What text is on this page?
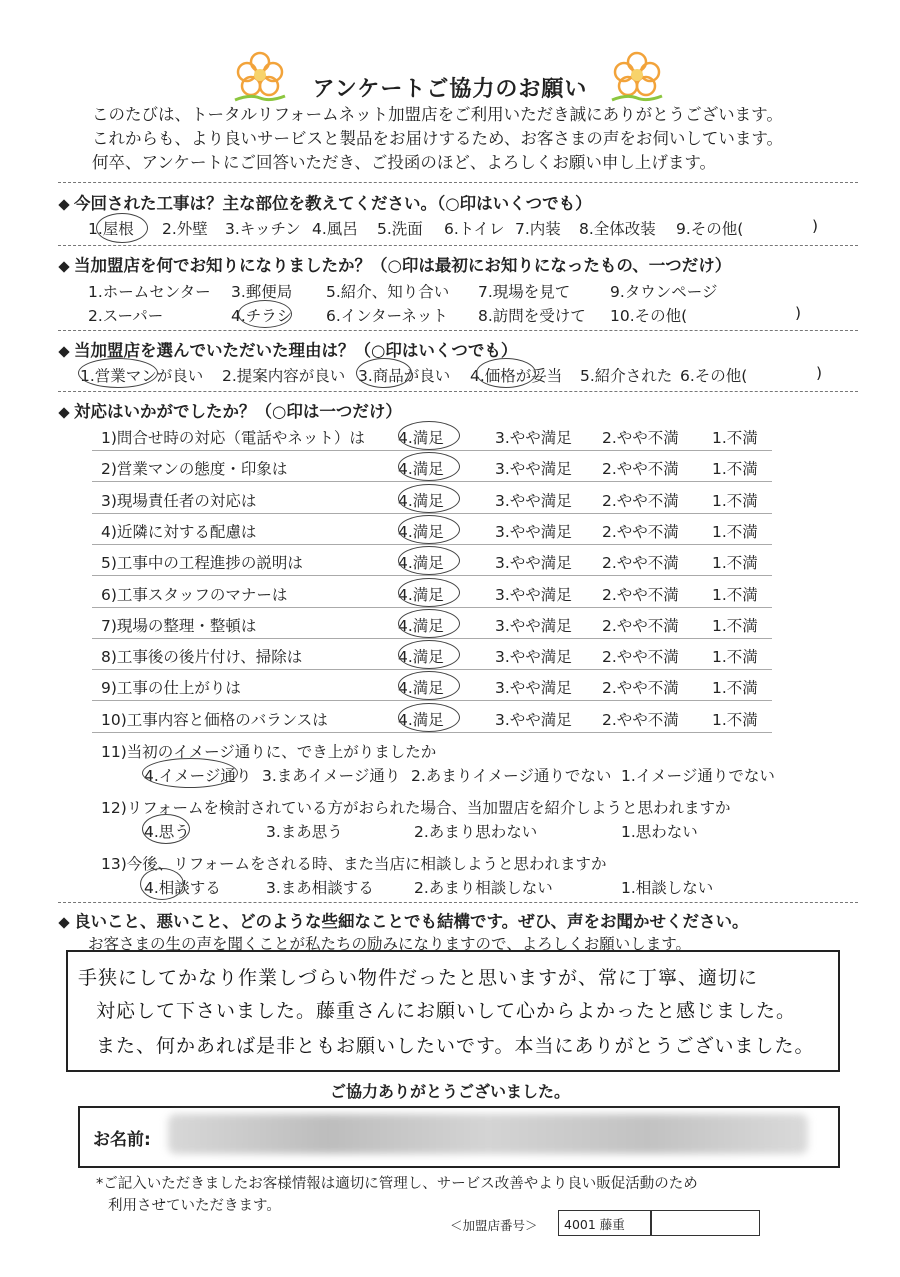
アンケートご協力のお願い
このたびは、トータルリフォームネット加盟店をご利用いただき誠にありがとうございます。
これからも、より良いサービスと製品をお届けするため、お客さまの声をお伺いしています。
何卒、アンケートにご回答いただき、ご投函のほど、よろしくお願い申し上げます。
今回された工事は？主な部位を教えてください。（○印はいくつでも）
1.屋根 2.外壁 3.キッチン 4.風呂 5.洗面 6.トイレ 7.内装 8.全体改装 9.その他(	)
当加盟店を何でお知りになりましたか？（○印は最初にお知りになったもの、一つだけ）
1.ホームセンター 3.郵便局 5.紹介、知り合い 7.現場を見て	9.タウンページ
2.スーパー	4.チラシ 6.インターネット 8.訪問を受けて 10.その他(	)
当加盟店を選んでいただいた理由は？（○印はいくつでも）
1.営業マンが良い 2.提案内容が良い 3.商品が良い 4.価格が妥当 5.紹介された 6.その他(	)
対応はいかがでしたか？（○印は一つだけ）
1)問合せ時の対応（電話やネット）は 4.満足	3.やや満足 2.やや不満 1.不満
2)営業マンの態度・印象は	4.満足	3.やや満足 2.やや不満 1.不満
3)現場責任者の対応は	4.満足	3.やや満足 2.やや不満 1.不満
4)近隣に対する配慮は	4.満足	3.やや満足 2.やや不満 1.不満
5)工事中の工程進捗の説明は	4.満足	3.やや満足 2.やや不満 1.不満
6)工事スタッフのマナーは	4.満足	3.やや満足 2.やや不満 1.不満
7)現場の整理・整頓は	4.満足	3.やや満足 2.やや不満 1.不満
8)工事後の後片付け、掃除は	4.満足	3.やや満足 2.やや不満 1.不満
9)工事の仕上がりは	4.満足	3.やや満足 2.やや不満 1.不満
10)工事内容と価格のバランスは	4.満足	3.やや満足 2.やや不満 1.不満
11)当初のイメージ通りに、でき上がりましたか
4.イメージ通り 3.まあイメージ通り 2.あまりイメージ通りでない 1.イメージ通りでない
12)リフォームを検討されている方がおられた場合、当加盟店を紹介しようと思われますか
4.思う	3.まあ思う	2.あまり思わない	1.思わない
13)今後、リフォームをされる時、また当店に相談しようと思われますか
4.相談する	3.まあ相談する	2.あまり相談しない	1.相談しない
良いこと、悪いこと、どのような些細なことでも結構です。ぜひ、声をお聞かせください。
お客さまの生の声を聞くことが私たちの励みになりますので、よろしくお願いします。
手狭にしてかなり作業しづらい物件だったと思いますが、常に丁寧、適切に
対応して下さいました。藤重さんにお願いして心からよかったと感じました。
また、何かあれば是非ともお願いしたいです。本当にありがとうございました。
ご協力ありがとうございました。
お名前:
*ご記入いただきましたお客様情報は適切に管理し、サービス改善やより良い販促活動のため
利用させていただきます。
＜加盟店番号＞ 4001 藤重
